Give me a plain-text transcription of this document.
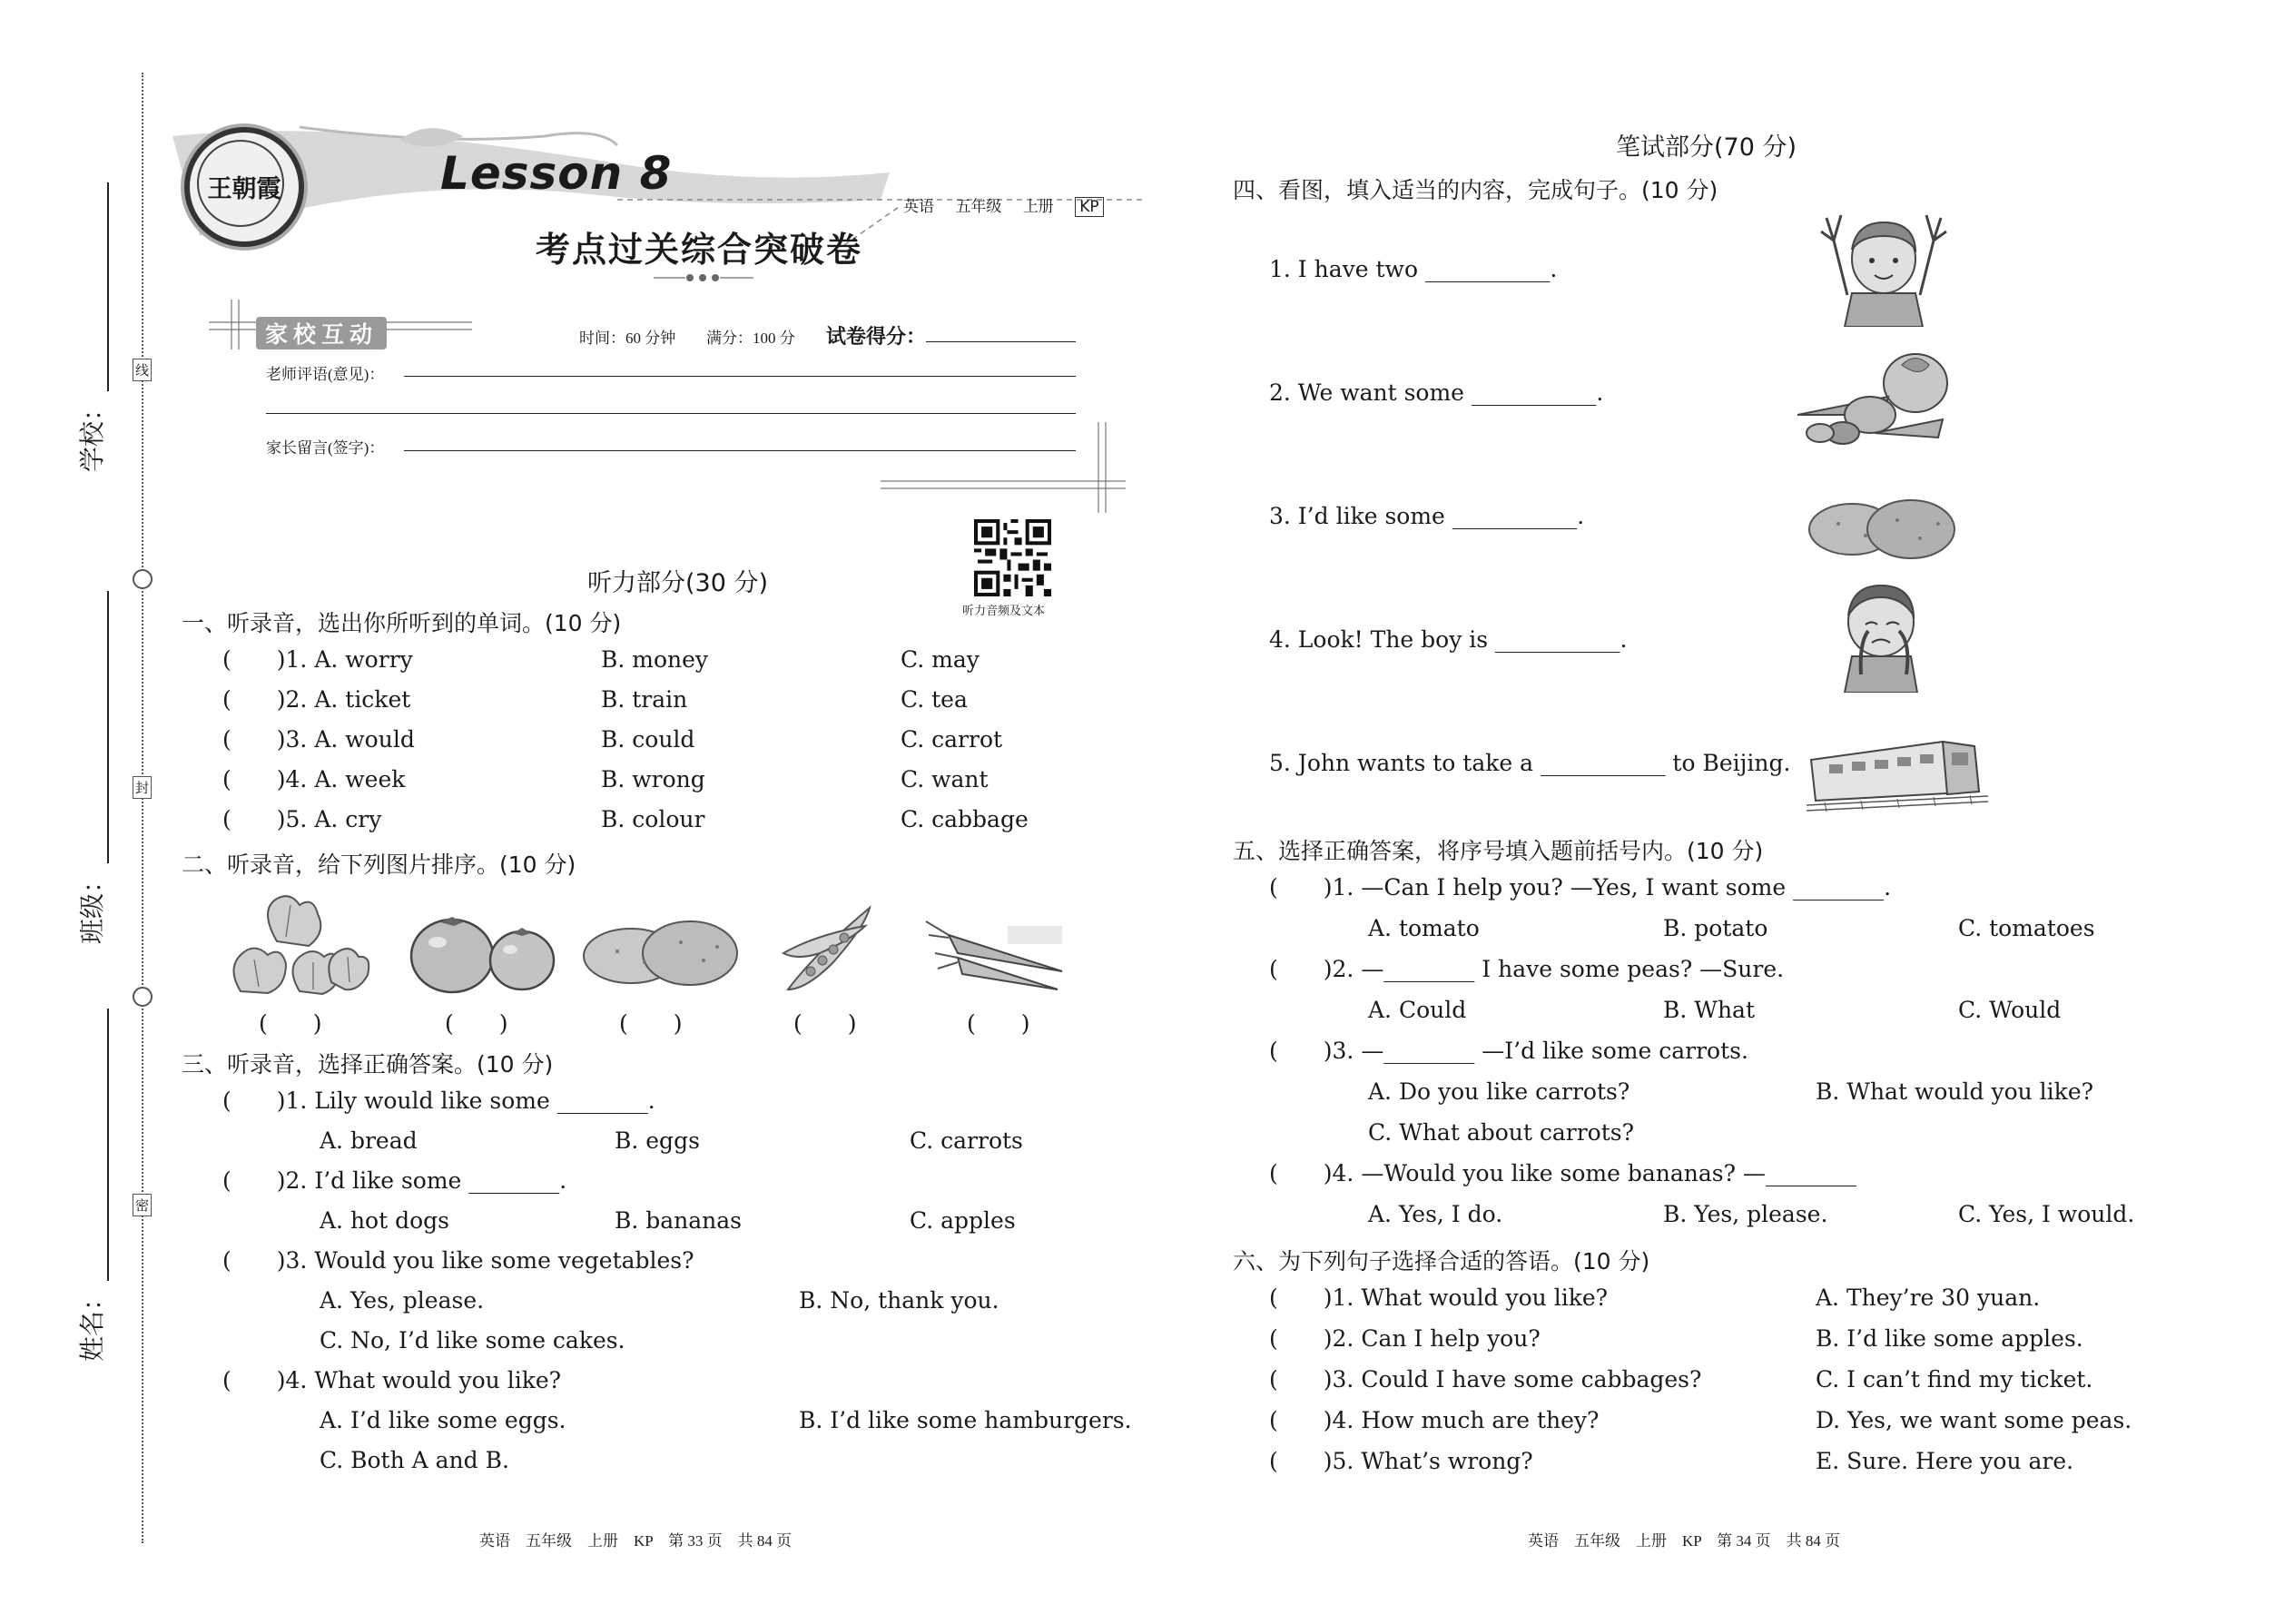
线
封
密
学校：
班级：
姓名：
王朝霞	Lesson 8
考点过关综合突破卷
英语 五年级 上册 KP
家校互动	时间：60 分钟 满分：100 分 试卷得分：
老师评语(意见)：
家长留言(签字)：
听力音频及文本
听力部分(30 分)
一、听录音，选出你所听到的单词。(10 分)
( )1. A. worry	B. money	C. may
( )2. A. ticket	B. train	C. tea
( )3. A. would	B. could	C. carrot
( )4. A. week	B. wrong	C. want
( )5. A. cry	B. colour	C. cabbage
二、听录音，给下列图片排序。(10 分)
(　　)	(　　)	(　　)	(　　)	(　　)
三、听录音，选择正确答案。(10 分)
( )1. Lily would like some ________.
A. bread	B. eggs	C. carrots
( )2. I’d like some ________.
A. hot dogs	B. bananas	C. apples
( )3. Would you like some vegetables?
A. Yes, please.	B. No, thank you.
C. No, I’d like some cakes.
( )4. What would you like?
A. I’d like some eggs.	B. I’d like some hamburgers.
C. Both A and B.
英语　五年级　上册　KP　第 33 页　共 84 页
笔试部分(70 分)
四、看图，填入适当的内容，完成句子。(10 分)
1. I have two ___________.
2. We want some ___________.
3. I’d like some ___________.
4. Look! The boy is ___________.
5. John wants to take a ___________ to Beijing.
五、选择正确答案，将序号填入题前括号内。(10 分)
( )1. —Can I help you? —Yes, I want some ________.
A. tomato	B. potato	C. tomatoes
( )2. —________ I have some peas? —Sure.
A. Could	B. What	C. Would
( )3. —________ —I’d like some carrots.
A. Do you like carrots?	B. What would you like?
C. What about carrots?
( )4. —Would you like some bananas? —________
A. Yes, I do.	B. Yes, please.	C. Yes, I would.
六、为下列句子选择合适的答语。(10 分)
( )1. What would you like?	A. They’re 30 yuan.
( )2. Can I help you?	B. I’d like some apples.
( )3. Could I have some cabbages?	C. I can’t find my ticket.
( )4. How much are they?	D. Yes, we want some peas.
( )5. What’s wrong?	E. Sure. Here you are.
英语　五年级　上册　KP　第 34 页　共 84 页
